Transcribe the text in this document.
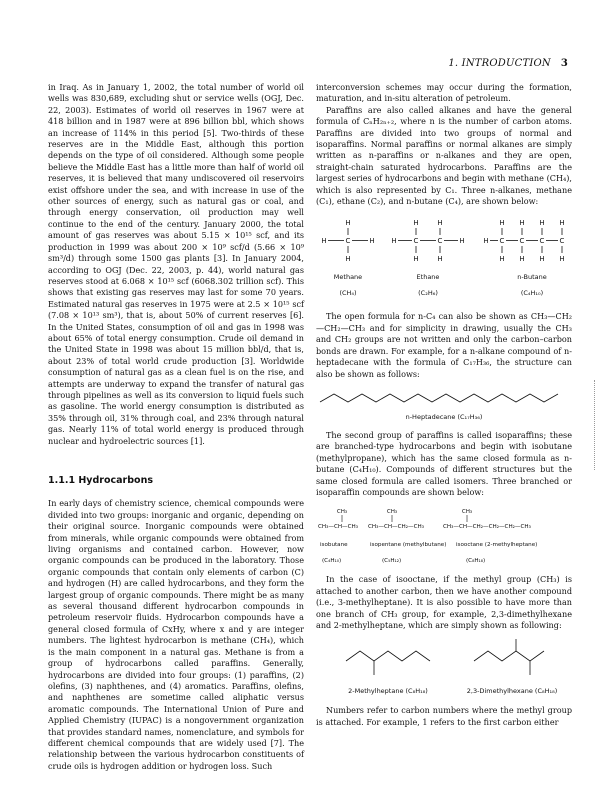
1. INTRODUCTION 3

in Iraq. As in January 1, 2002, the total number of world oil wells was 830,689, excluding shut or service wells (OGJ, Dec. 22, 2003). Estimates of world oil reserves in 1967 were at 418 billion and in 1987 were at 896 billion bbl, which shows an increase of 114% in this period [5]. Two-thirds of these reserves are in the Middle East, although this portion depends on the type of oil considered. Although some people believe the Middle East has a little more than half of world oil reserves, it is believed that many undiscovered oil reservoirs exist offshore under the sea, and with increase in use of the other sources of energy, such as natural gas or coal, and through energy conservation, oil production may well continue to the end of the century. January 2000, the total amount of gas reserves was about 5.15 × 10¹⁵ scf, and its production in 1999 was about 200 × 10⁹ scf/d (5.66 × 10⁹ sm³/d) through some 1500 gas plants [3]. In January 2004, according to OGJ (Dec. 22, 2003, p. 44), world natural gas reserves stood at 6.068 × 10¹⁵ scf (6068.302 trillion scf). This shows that existing gas reserves may last for some 70 years. Estimated natural gas reserves in 1975 were at 2.5 × 10¹⁵ scf (7.08 × 10¹³ sm³), that is, about 50% of current reserves [6]. In the United States, consumption of oil and gas in 1998 was about 65% of total energy consumption. Crude oil demand in the United State in 1998 was about 15 million bbl/d, that is, about 23% of total world crude production [3]. Worldwide consumption of natural gas as a clean fuel is on the rise, and attempts are underway to expand the transfer of natural gas through pipelines as well as its conversion to liquid fuels such as gasoline. The world energy consumption is distributed as 35% through oil, 31% through coal, and 23% through natural gas. Nearly 11% of total world energy is produced through nuclear and hydroelectric sources [1].

1.1.1 Hydrocarbons

In early days of chemistry science, chemical compounds were divided into two groups: inorganic and organic, depending on their original source. Inorganic compounds were obtained from minerals, while organic compounds were obtained from living organisms and contained carbon. However, now organic compounds can be produced in the laboratory. Those organic compounds that contain only elements of carbon (C) and hydrogen (H) are called hydrocarbons, and they form the largest group of organic compounds. There might be as many as several thousand different hydrocarbon compounds in petroleum reservoir fluids. Hydrocarbon compounds have a general closed formula of CxHy, where x and y are integer numbers. The lightest hydrocarbon is methane (CH₄), which is the main component in a natural gas. Methane is from a group of hydrocarbons called paraffins. Generally, hydrocarbons are divided into four groups: (1) paraffins, (2) olefins, (3) naphthenes, and (4) aromatics. Paraffins, olefins, and naphthenes are sometime called aliphatic versus aromatic compounds. The International Union of Pure and Applied Chemistry (IUPAC) is a nongovernment organization that provides standard names, nomenclature, and symbols for different chemical compounds that are widely used [7]. The relationship between the various hydrocarbon constituents of crude oils is hydrogen addition or hydrogen loss. Such

interconversion schemes may occur during the formation, maturation, and in-situ alteration of petroleum.

Paraffins are also called alkanes and have the general formula of CₙH₂ₙ₊₂, where n is the number of carbon atoms. Paraffins are divided into two groups of normal and isoparaffins. Normal paraffins or normal alkanes are simply written as n-paraffins or n-alkanes and they are open, straight-chain saturated hydrocarbons. Paraffins are the largest series of hydrocarbons and begin with methane (CH₄), which is also represented by C₁. Three n-alkanes, methane (C₁), ethane (C₂), and n-butane (C₄), are shown below:

H
H	C	H
H
H	H
H C	C H
H	H
H
H H H H
C C C C
H H H H
Methane	Ethane	n-Butane
(CH₄)	(C₂H₆)	(C₄H₁₀)

The open formula for n-C₄ can also be shown as CH₃—CH₂—CH₂—CH₃ and for simplicity in drawing, usually the CH₃ and CH₂ groups are not written and only the carbon–carbon bonds are drawn. For example, for a n-alkane compound of n-heptadecane with the formula of C₁₇H₃₆, the structure can also be shown as follows:

n-Heptadecane (C₁₇H₃₆)

The second group of paraffins is called isoparaffins; these are branched-type hydrocarbons and begin with isobutane (methylpropane), which has the same closed formula as n-butane (C₄H₁₀). Compounds of different structures but the same closed formula are called isomers. Three branched or isoparaffin compounds are shown below:

CH₃	CH₃	CH₃
CH₃—CH—CH₃ CH₃—CH—CH₂—CH₃	CH₃—CH—CH₂—CH₂—CH₂—CH₃
isobutane	isopentane (methylbutane) isooctane (2-methylheptane)
(C₄H₁₀)	(C₅H₁₂)	(C₈H₁₈)

In the case of isooctane, if the methyl group (CH₃) is attached to another carbon, then we have another compound (i.e., 3-methylheptane). It is also possible to have more than one branch of CH₃ group, for example, 2,3-dimethylhexane and 2-methylheptane, which are simply shown as following:

2-Methylheptane (C₈H₁₈)	2,3-Dimethylhexane (C₈H₁₈)

Numbers refer to carbon numbers where the methyl group is attached. For example, 1 refers to the first carbon either
